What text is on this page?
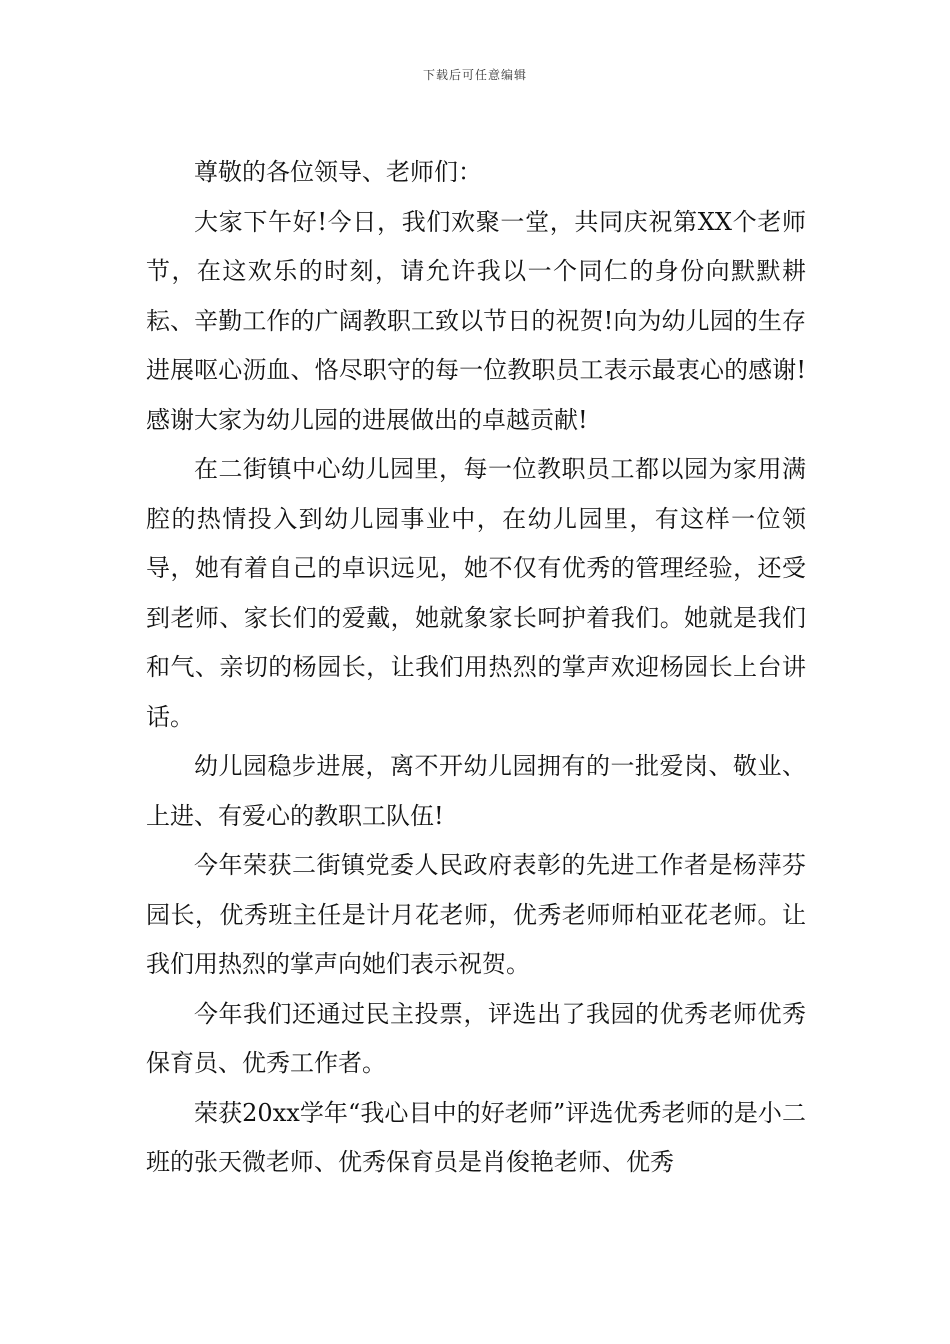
下载后可任意编辑

尊敬的各位领导、老师们：

大家下午好!今日，我们欢聚一堂，共同庆祝第XX个老师节，在这欢乐的时刻，请允许我以一个同仁的身份向默默耕耘、辛勤工作的广阔教职工致以节日的祝贺!向为幼儿园的生存进展呕心沥血、恪尽职守的每一位教职员工表示最衷心的感谢!感谢大家为幼儿园的进展做出的卓越贡献!

在二街镇中心幼儿园里，每一位教职员工都以园为家用满腔的热情投入到幼儿园事业中，在幼儿园里，有这样一位领导，她有着自己的卓识远见，她不仅有优秀的管理经验，还受到老师、家长们的爱戴，她就象家长呵护着我们。她就是我们和气、亲切的杨园长，让我们用热烈的掌声欢迎杨园长上台讲话。

幼儿园稳步进展，离不开幼儿园拥有的一批爱岗、敬业、上进、有爱心的教职工队伍!

今年荣获二街镇党委人民政府表彰的先进工作者是杨萍芬园长，优秀班主任是计月花老师，优秀老师师柏亚花老师。让我们用热烈的掌声向她们表示祝贺。

今年我们还通过民主投票，评选出了我园的优秀老师优秀保育员、优秀工作者。

荣获20xx学年“我心目中的好老师”评选优秀老师的是小二班的张天微老师、优秀保育员是肖俊艳老师、优秀
